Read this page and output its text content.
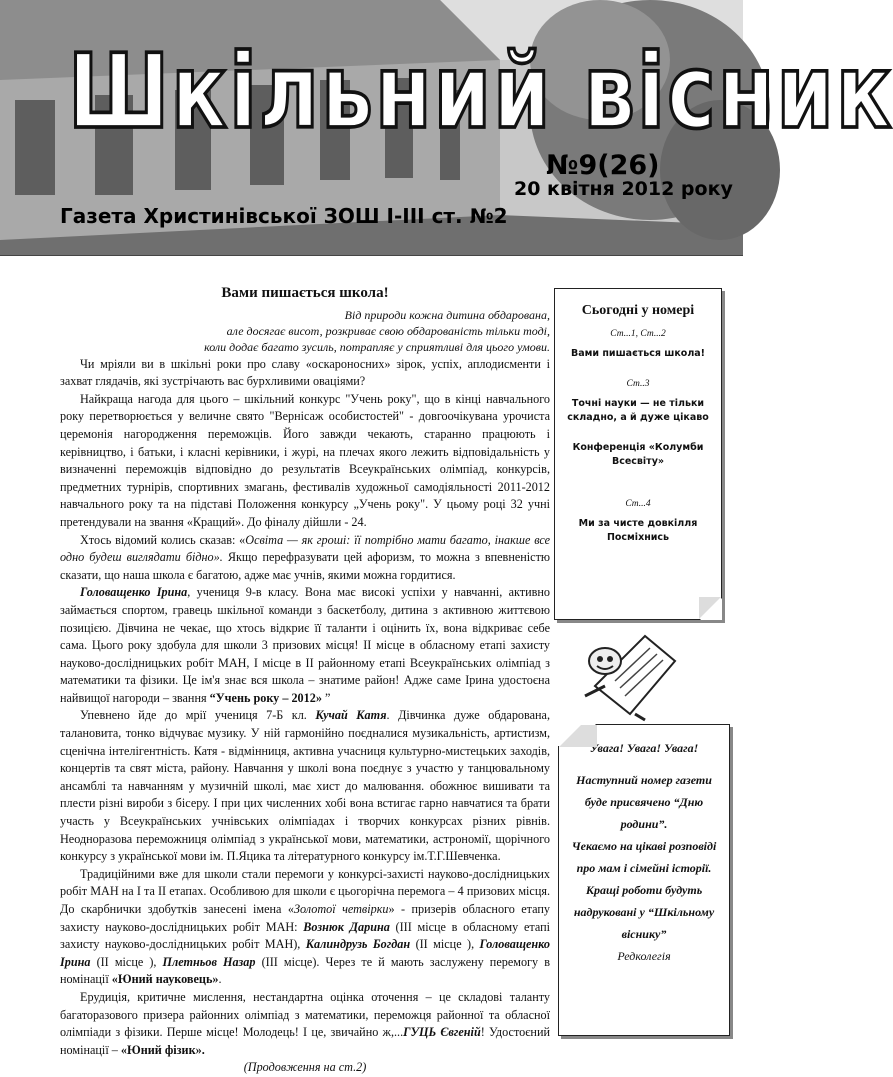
Шкільний вісник
№9(26)
20 квітня 2012 року
Газета Христинівської ЗОШ I-III ст. №2
Вами пишається школа!
Від природи кожна дитина обдарована,
але досягає висот, розкриває свою обдарованість тільки тоді,
коли додає багато зусиль, потрапляє у сприятливі для цього умови.

Чи мріяли ви в шкільні роки про славу «оскароносних» зірок, успіх, аплодисменти і захват глядачів, які зустрічають вас бурхливими оваціями?

Найкраща нагода для цього – шкільний конкурс "Учень року", що в кінці навчального року перетворюється у величне свято "Вернісаж особистостей" - довгоочікувана урочиста церемонія нагородження переможців. Його завжди чекають, старанно працюють і керівництво, і батьки, і класні керівники, і журі, на плечах якого лежить відповідальність у визначенні переможців відповідно до результатів Всеукраїнських олімпіад, конкурсів, предметних турнірів, спортивних змагань, фестивалів художньої самодіяльності 2011-2012 навчального року та на підставі Положення конкурсу „Учень року". У цьому році 32 учні претендували на звання «Кращий». До фіналу дійшли - 24.

Хтось відомий колись сказав: «Освіта — як гроші: її потрібно мати багато, інакше все одно будеш виглядати бідно». Якщо перефразувати цей афоризм, то можна з впевненістю сказати, що наша школа є багатою, адже має учнів, якими можна гордитися.

Головащенко Ірина, учениця 9-в класу. Вона має високі успіхи у навчанні, активно займається спортом, гравець шкільної команди з баскетболу, дитина з активною життєвою позицією. Дівчина не чекає, що хтось відкриє її таланти і оцінить їх, вона відкриває себе сама. Цього року здобула для школи 3 призових місця! ІІ місце в обласному етапі захисту науково-дослідницьких робіт МАН, І місце в ІІ районному етапі Всеукраїнських олімпіад з математики та фізики. Це ім'я знає вся школа – знатиме район! Адже саме Ірина удостоєна найвищої нагороди – звання “Учень року – 2012» ”

Упевнено йде до мрії учениця 7-Б кл. Кучай Катя. Дівчинка дуже обдарована, талановита, тонко відчуває музику. У ній гармонійно поєдналися музикальність, артистизм, сценічна інтелігентність. Катя - відмінниця, активна учасниця культурно-мистецьких заходів, концертів та свят міста, району. Навчання у школі вона поєднує з участю у танцювальному ансамблі та навчанням у музичній школі, має хист до малювання. обожнює вишивати та плести різні вироби з бісеру. І при цих численних хобі вона встигає гарно навчатися та брати участь у Всеукраїнських учнівських олімпіадах і творчих конкурсах різних рівнів. Неодноразова переможниця олімпіад з української мови, математики, астрономії, щорічного конкурсу з української мови ім. П.Яцика та літературного конкурсу ім.Т.Г.Шевченка.

Традиційними вже для школи стали перемоги у конкурсі-захисті науково-дослідницьких робіт МАН на І та ІІ етапах. Особливою для школи є цьогорічна перемога – 4 призових місця. До скарбнички здобутків занесені імена «Золотої четвірки» - призерів обласного етапу захисту науково-дослідницьких робіт МАН: Вознюк Дарина (ІІІ місце в обласному етапі захисту науково-дослідницьких робіт МАН), Калиндрузь Богдан (ІІ місце ), Головащенко Ірина (ІІ місце ), Плетньов Назар (ІІІ місце). Через те й мають заслужену перемогу в номінації «Юний науковець».

Ерудиція, критичне мислення, нестандартна оцінка оточення – це складові таланту багаторазового призера районних олімпіад з математики, переможця районної та обласної олімпіади з фізики. Перше місце! Молодець! І це, звичайно ж,...ГУЦЬ Євгеній! Удостоєний номінації – «Юний фізик».

(Продовження на ст.2)

Сьогодні у номері
Ст...1, Ст...2
Вами пишається школа!
Ст..3
Точні науки — не тільки складно, а й дуже цікаво
Конференція «Колумби Всесвіту»
Ст...4
Ми за чисте довкілля Посміхнись
Увага! Увага! Увага!
Наступний номер газети буде присвячено “Дню родини”.
Чекаємо на цікаві розповіді про мам і сімейні історії.
Кращі роботи будуть надруковані у “Шкільному віснику”
Редколегія
